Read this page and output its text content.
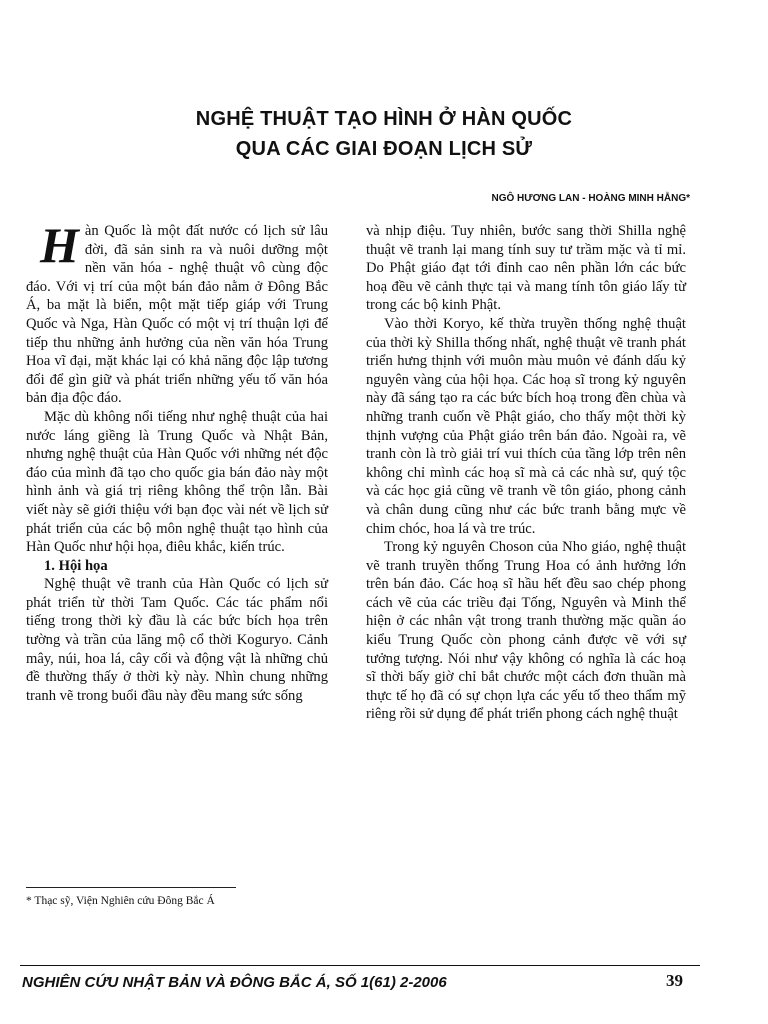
NGHỆ THUẬT TẠO HÌNH Ở HÀN QUỐC
QUA CÁC GIAI ĐOẠN LỊCH SỬ
NGÔ HƯƠNG LAN - HOÀNG MINH HẰNG*

Hàn Quốc là một đất nước có lịch sử lâu đời, đã sản sinh ra và nuôi dưỡng một nền văn hóa - nghệ thuật vô cùng độc đáo. Với vị trí của một bán đảo nằm ở Đông Bắc Á, ba mặt là biển, một mặt tiếp giáp với Trung Quốc và Nga, Hàn Quốc có một vị trí thuận lợi để tiếp thu những ảnh hưởng của nền văn hóa Trung Hoa vĩ đại, mặt khác lại có khả năng độc lập tương đối để gìn giữ và phát triển những yếu tố văn hóa bản địa độc đáo.

Mặc dù không nổi tiếng như nghệ thuật của hai nước láng giềng là Trung Quốc và Nhật Bản, nhưng nghệ thuật của Hàn Quốc với những nét độc đáo của mình đã tạo cho quốc gia bán đảo này một hình ảnh và giá trị riêng không thể trộn lẫn. Bài viết này sẽ giới thiệu với bạn đọc vài nét về lịch sử phát triển của các bộ môn nghệ thuật tạo hình của Hàn Quốc như hội họa, điêu khắc, kiến trúc.

1. Hội họa

Nghệ thuật vẽ tranh của Hàn Quốc có lịch sử phát triển từ thời Tam Quốc. Các tác phẩm nổi tiếng trong thời kỳ đầu là các bức bích họa trên tường và trần của lăng mộ cổ thời Koguryo. Cảnh mây, núi, hoa lá, cây cối và động vật là những chủ đề thường thấy ở thời kỳ này. Nhìn chung những tranh vẽ trong buổi đầu này đều mang sức sống

và nhịp điệu. Tuy nhiên, bước sang thời Shilla nghệ thuật vẽ tranh lại mang tính suy tư trầm mặc và tỉ mỉ. Do Phật giáo đạt tới đỉnh cao nên phần lớn các bức hoạ đều vẽ cảnh thực tại và mang tính tôn giáo lấy từ trong các bộ kinh Phật.

Vào thời Koryo, kế thừa truyền thống nghệ thuật của thời kỳ Shilla thống nhất, nghệ thuật vẽ tranh phát triển hưng thịnh với muôn màu muôn vẻ đánh dấu kỷ nguyên vàng của hội họa. Các hoạ sĩ trong kỷ nguyên này đã sáng tạo ra các bức bích hoạ trong đền chùa và những tranh cuốn về Phật giáo, cho thấy một thời kỳ thịnh vượng của Phật giáo trên bán đảo. Ngoài ra, vẽ tranh còn là trò giải trí vui thích của tầng lớp trên nên không chỉ mình các hoạ sĩ mà cả các nhà sư, quý tộc và các học giả cũng vẽ tranh về tôn giáo, phong cảnh và chân dung cũng như các bức tranh bằng mực về chim chóc, hoa lá và tre trúc.

Trong kỷ nguyên Choson của Nho giáo, nghệ thuật vẽ tranh truyền thống Trung Hoa có ảnh hưởng lớn trên bán đảo. Các hoạ sĩ hầu hết đều sao chép phong cách vẽ của các triều đại Tống, Nguyên và Minh thể hiện ở các nhân vật trong tranh thường mặc quần áo kiểu Trung Quốc còn phong cảnh được vẽ với sự tưởng tượng. Nói như vậy không có nghĩa là các hoạ sĩ thời bấy giờ chỉ bắt chước một cách đơn thuần mà thực tế họ đã có sự chọn lựa các yếu tố theo thẩm mỹ riêng rồi sử dụng để phát triển phong cách nghệ thuật

* Thạc sỹ, Viện Nghiên cứu Đông Bắc Á
NGHIÊN CỨU NHẬT BẢN VÀ ĐÔNG BẮC Á, SỐ 1(61) 2-2006	39
